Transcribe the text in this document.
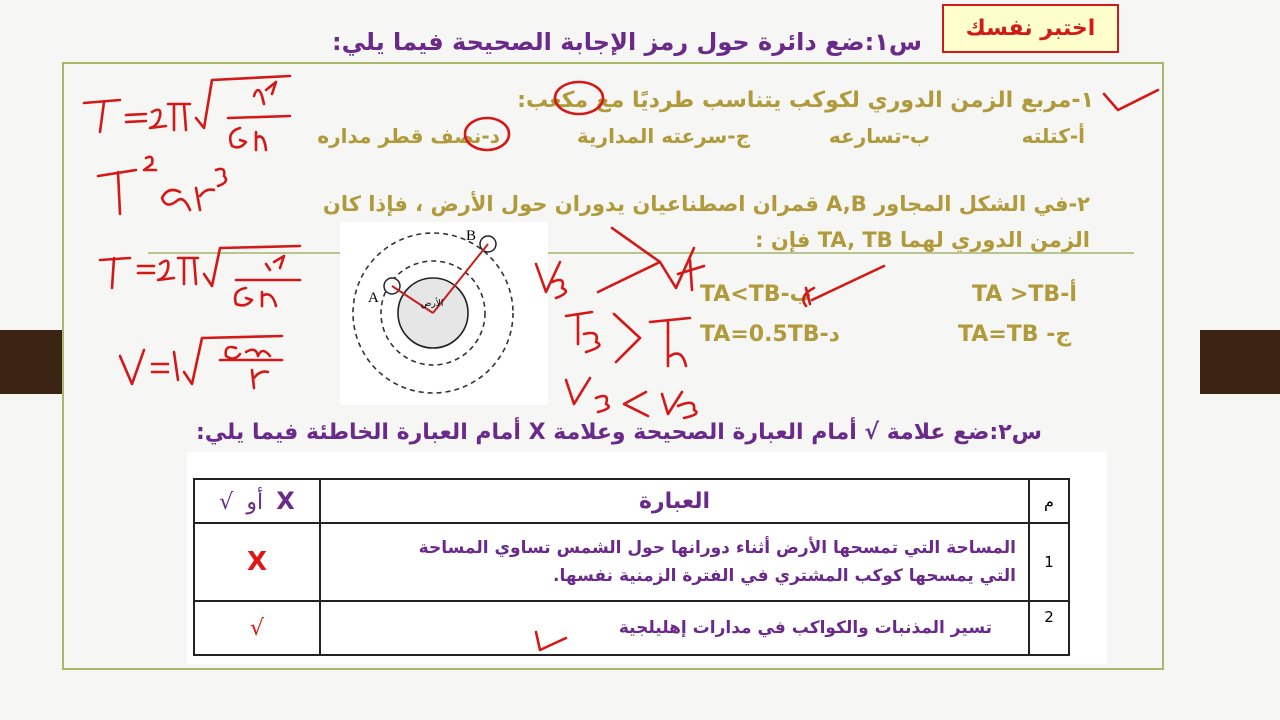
اختبر نفسك
س١:ضع دائرة حول رمز الإجابة الصحيحة فيما يلي:
١-مربع الزمن الدوري لكوكب يتناسب طرديًا مع مكعب:
أ-كتلته
ب-تسارعه
ج-سرعته المدارية
د-نصف قطر مداره
٢-في الشكل المجاور A,B قمران اصطناعيان يدوران حول الأرض ، فإذا كان
الزمن الدوري لهما TA, TB فإن :
TA >TB-أ
ب-TA<TB
ج- TA=TB
د-TA=0.5TB
A
B
الأرض
س٢:ضع علامة √ أمام العبارة الصحيحة وعلامة X أمام العبارة الخاطئة فيما يلي:
√ أو X	العبارة	م
X	المساحة التي تمسحها الأرض أثناء دورانها حول الشمس تساوي المساحة
التي يمسحها كوكب المشتري في الفترة الزمنية نفسها.	1
√	تسير المذنبات والكواكب في مدارات إهليلجية	2
